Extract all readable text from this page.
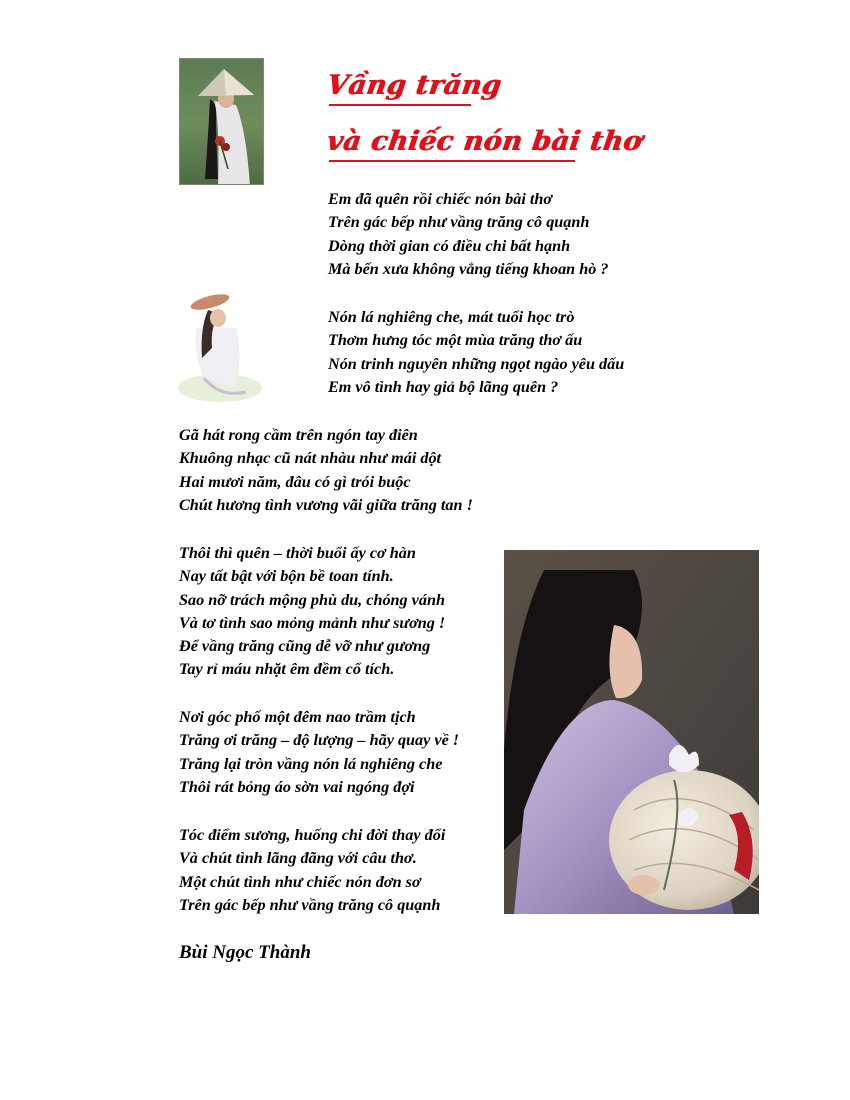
Vầng trăng
và chiếc nón bài thơ
Em đã quên rồi chiếc nón bài thơ
Trên gác bếp như vầng trăng cô quạnh
Dòng thời gian có điều chi bất hạnh
Mà bến xưa không vẳng tiếng khoan hò ?
Nón lá nghiêng che, mát tuổi học trò
Thơm hưng tóc một mùa trăng thơ ấu
Nón trinh nguyên những ngọt ngào yêu dấu
Em vô tình hay giả bộ lãng quên ?
Gã hát rong cầm trên ngón tay điên
Khuông nhạc cũ nát nhàu như mái dột
Hai mươi năm, đâu có gì trói buộc
Chút hương tình vương vãi giữa trăng tan !
Thôi thì quên – thời buổi ấy cơ hàn
Nay tất bật với bộn bề toan tính.
Sao nỡ trách mộng phù du, chóng vánh
Và tơ tình sao mỏng mảnh như sương !
Để vầng trăng cũng dễ vỡ như gương
Tay rỉ máu nhặt êm đềm cổ tích.
Nơi góc phố một đêm nao trầm tịch
Trăng ơi trăng – độ lượng – hãy quay về !
Trăng lại tròn vầng nón lá nghiêng che
Thôi rát bỏng áo sờn vai ngóng đợi
Tóc điểm sương, huống chi đời thay đổi
Và chút tình lãng đãng với câu thơ.
Một chút tình như chiếc nón đơn sơ
Trên gác bếp như vầng trăng cô quạnh
Bùi Ngọc Thành
